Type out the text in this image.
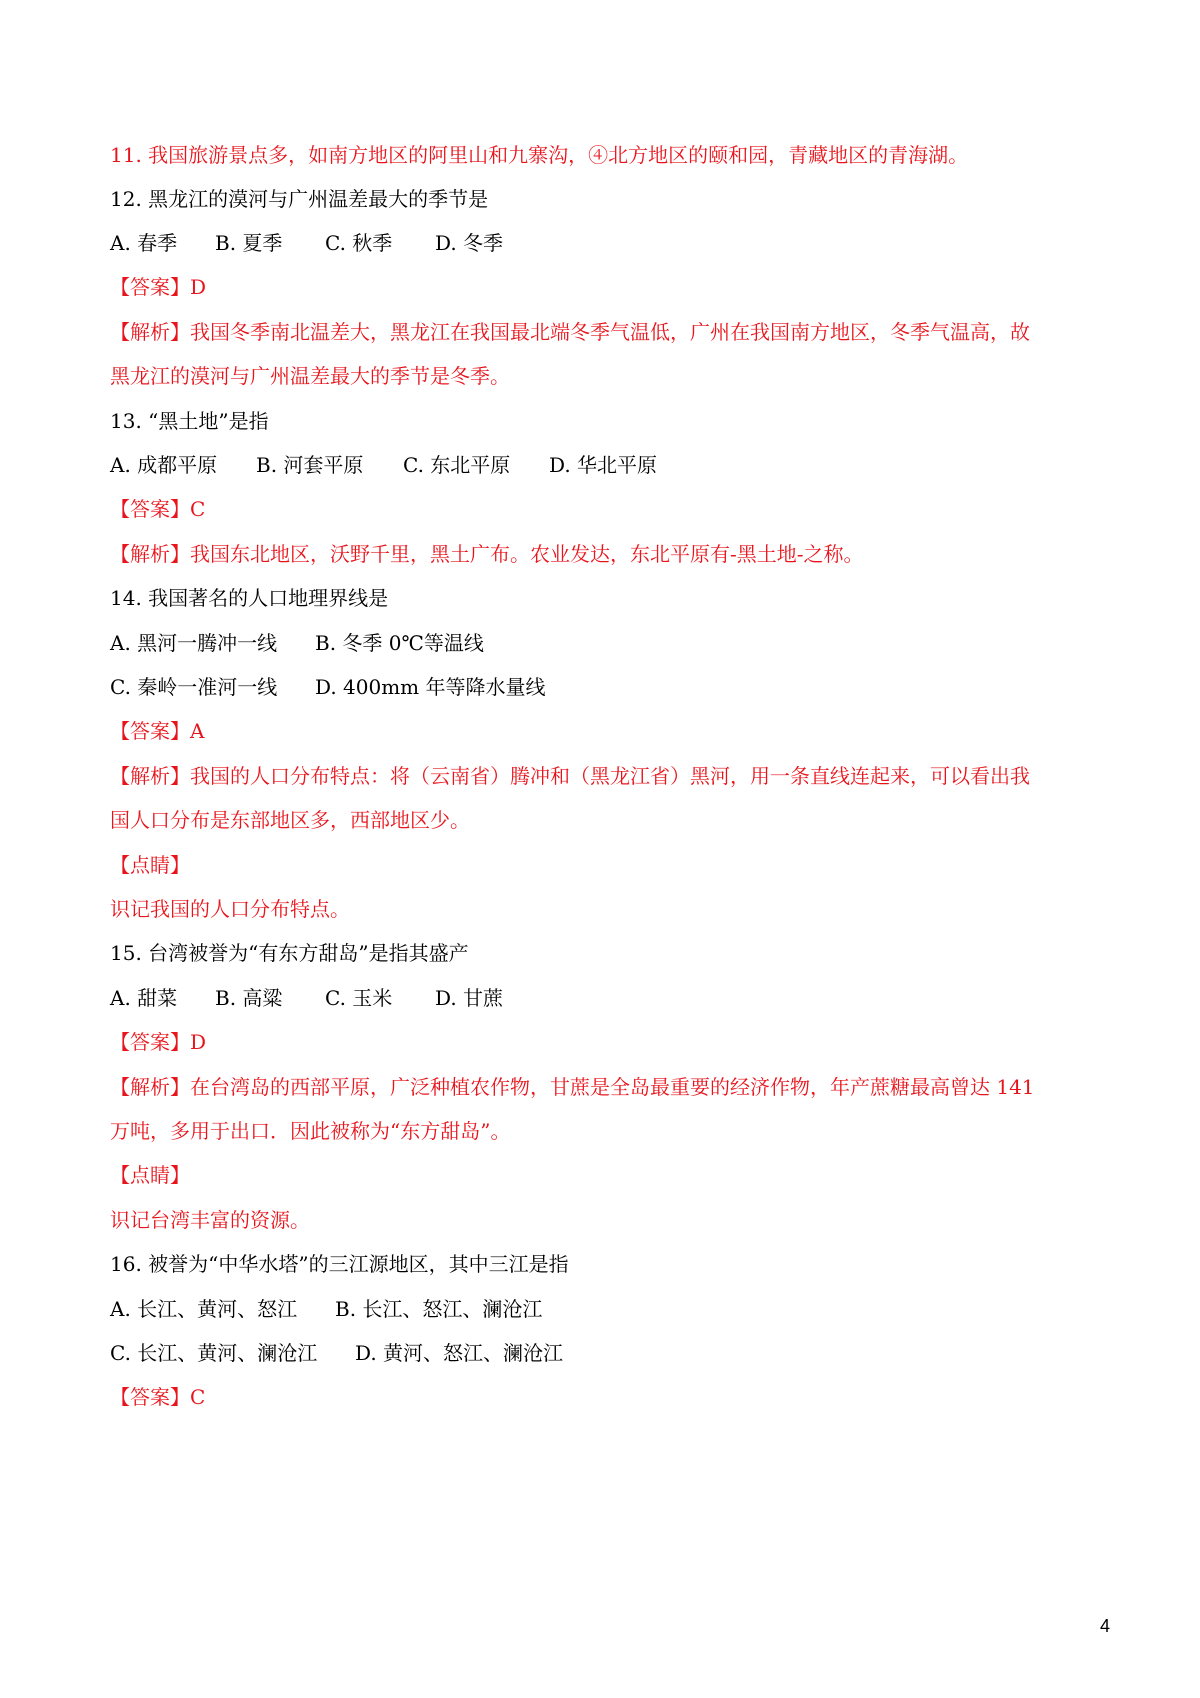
11. 我国旅游景点多，如南方地区的阿里山和九寨沟，④北方地区的颐和园，青藏地区的青海湖。
12. 黑龙江的漠河与广州温差最大的季节是
A. 春季 B. 夏季 C. 秋季 D. 冬季
【答案】D
【解析】我国冬季南北温差大，黑龙江在我国最北端冬季气温低，广州在我国南方地区，冬季气温高，故
黑龙江的漠河与广州温差最大的季节是冬季。
13. “黑土地”是指
A. 成都平原 B. 河套平原 C. 东北平原 D. 华北平原
【答案】C
【解析】我国东北地区，沃野千里，黑土广布。农业发达，东北平原有-黑土地-之称。
14. 我国著名的人口地理界线是
A. 黑河一腾冲一线 B. 冬季 0℃等温线
C. 秦岭一准河一线 D. 400mm 年等降水量线
【答案】A
【解析】我国的人口分布特点：将（云南省）腾冲和（黑龙江省）黑河，用一条直线连起来，可以看出我
国人口分布是东部地区多，西部地区少。
【点睛】
识记我国的人口分布特点。
15. 台湾被誉为“有东方甜岛”是指其盛产
A. 甜菜 B. 高粱 C. 玉米 D. 甘蔗
【答案】D
【解析】在台湾岛的西部平原，广泛种植农作物，甘蔗是全岛最重要的经济作物，年产蔗糖最高曾达 141
万吨，多用于出口．因此被称为“东方甜岛”。
【点睛】
识记台湾丰富的资源。
16. 被誉为“中华水塔”的三江源地区，其中三江是指
A. 长江、黄河、怒江 B. 长江、怒江、澜沧江
C. 长江、黄河、澜沧江 D. 黄河、怒江、澜沧江
【答案】C
4
